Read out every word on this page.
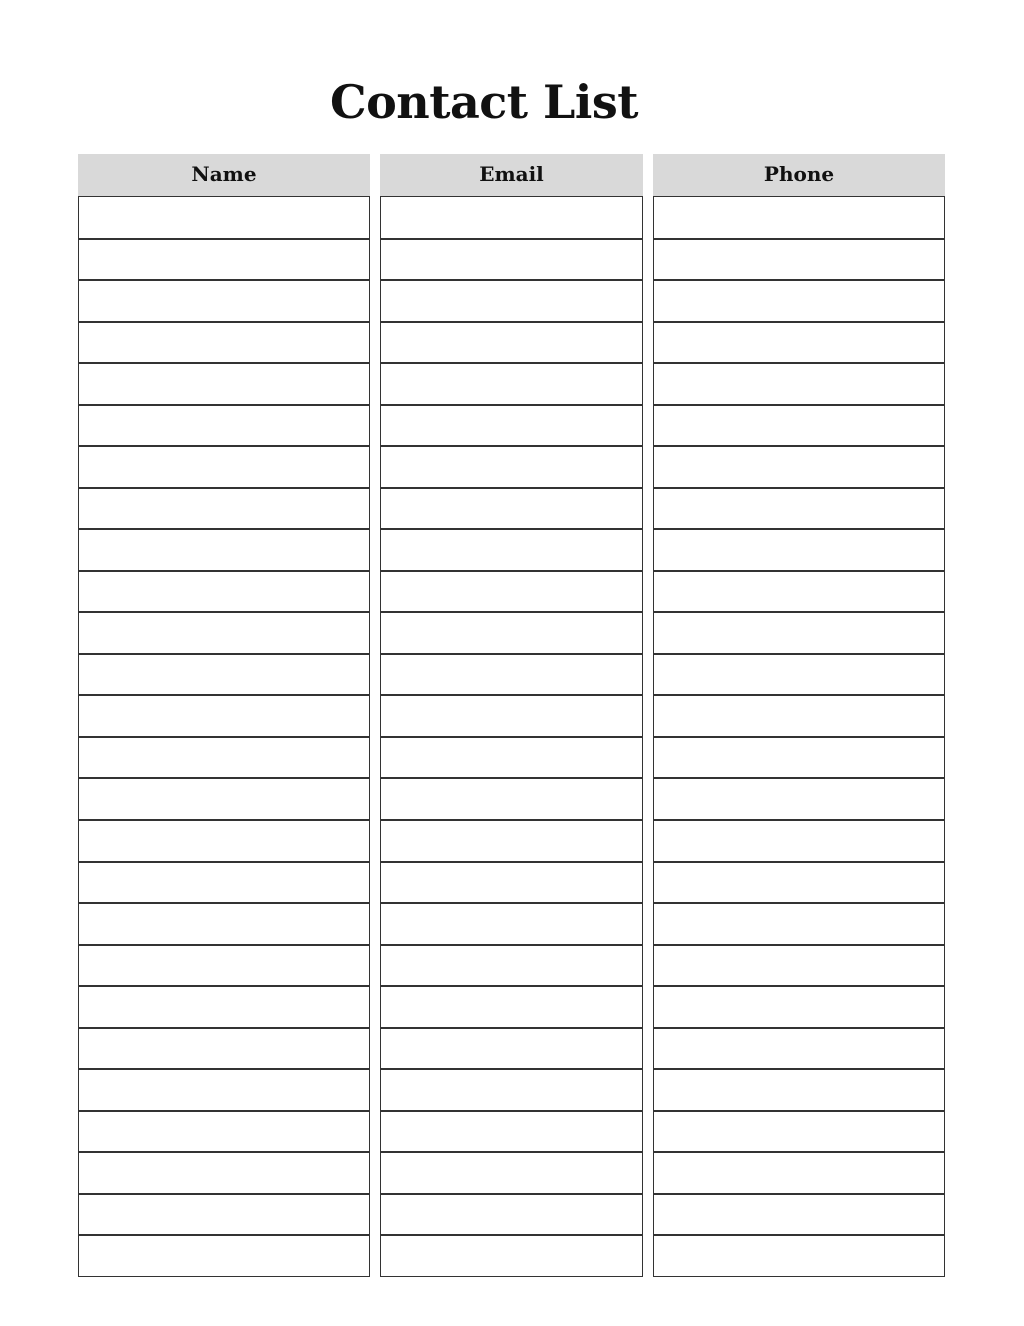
Contact List
Name	Email	Phone
